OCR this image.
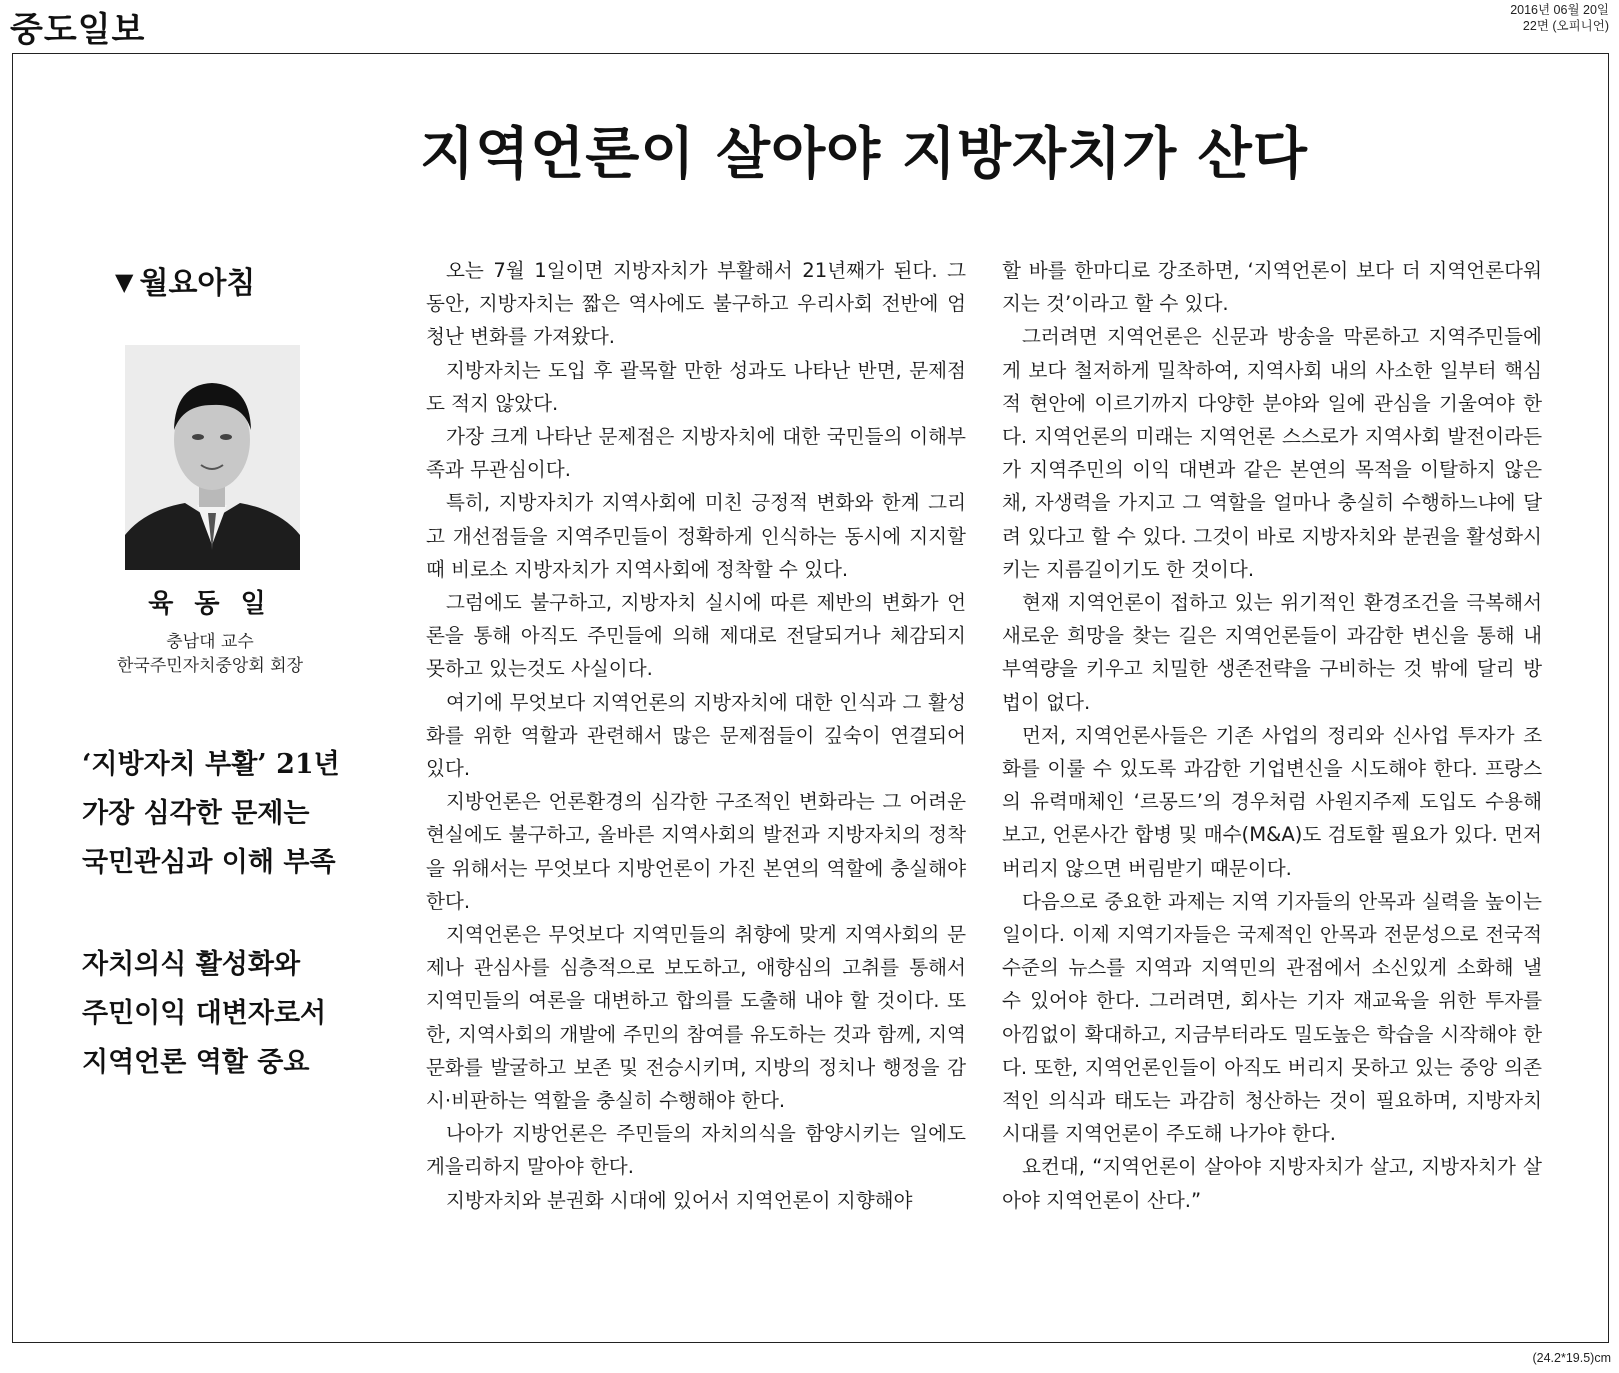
중도일보	2016년 06월 20일
22면 (오피니언)
지역언론이 살아야 지방자치가 산다
▼ 월요아침
육 동 일
충남대 교수
한국주민자치중앙회 회장
‘지방자치 부활’ 21년
가장 심각한 문제는
국민관심과 이해 부족
자치의식 활성화와
주민이익 대변자로서
지역언론 역할 중요

오는 7월 1일이면 지방자치가 부활해서 21년째가 된다. 그 동안, 지방자치는 짧은 역사에도 불구하고 우리사회 전반에 엄청난 변화를 가져왔다.

지방자치는 도입 후 괄목할 만한 성과도 나타난 반면, 문제점도 적지 않았다.

가장 크게 나타난 문제점은 지방자치에 대한 국민들의 이해부족과 무관심이다.

특히, 지방자치가 지역사회에 미친 긍정적 변화와 한계 그리고 개선점들을 지역주민들이 정확하게 인식하는 동시에 지지할 때 비로소 지방자치가 지역사회에 정착할 수 있다.

그럼에도 불구하고, 지방자치 실시에 따른 제반의 변화가 언론을 통해 아직도 주민들에 의해 제대로 전달되거나 체감되지 못하고 있는것도 사실이다.

여기에 무엇보다 지역언론의 지방자치에 대한 인식과 그 활성화를 위한 역할과 관련해서 많은 문제점들이 깊숙이 연결되어 있다.

지방언론은 언론환경의 심각한 구조적인 변화라는 그 어려운 현실에도 불구하고, 올바른 지역사회의 발전과 지방자치의 정착을 위해서는 무엇보다 지방언론이 가진 본연의 역할에 충실해야 한다.

지역언론은 무엇보다 지역민들의 취향에 맞게 지역사회의 문제나 관심사를 심층적으로 보도하고, 애향심의 고취를 통해서 지역민들의 여론을 대변하고 합의를 도출해 내야 할 것이다. 또한, 지역사회의 개발에 주민의 참여를 유도하는 것과 함께, 지역문화를 발굴하고 보존 및 전승시키며, 지방의 정치나 행정을 감시·비판하는 역할을 충실히 수행해야 한다.

나아가 지방언론은 주민들의 자치의식을 함양시키는 일에도 게을리하지 말아야 한다.

지방자치와 분권화 시대에 있어서 지역언론이 지향해야

할 바를 한마디로 강조하면, ‘지역언론이 보다 더 지역언론다워지는 것’이라고 할 수 있다.

그러려면 지역언론은 신문과 방송을 막론하고 지역주민들에게 보다 철저하게 밀착하여, 지역사회 내의 사소한 일부터 핵심적 현안에 이르기까지 다양한 분야와 일에 관심을 기울여야 한다. 지역언론의 미래는 지역언론 스스로가 지역사회 발전이라든가 지역주민의 이익 대변과 같은 본연의 목적을 이탈하지 않은 채, 자생력을 가지고 그 역할을 얼마나 충실히 수행하느냐에 달려 있다고 할 수 있다. 그것이 바로 지방자치와 분권을 활성화시키는 지름길이기도 한 것이다.

현재 지역언론이 접하고 있는 위기적인 환경조건을 극복해서 새로운 희망을 찾는 길은 지역언론들이 과감한 변신을 통해 내부역량을 키우고 치밀한 생존전략을 구비하는 것 밖에 달리 방법이 없다.

먼저, 지역언론사들은 기존 사업의 정리와 신사업 투자가 조화를 이룰 수 있도록 과감한 기업변신을 시도해야 한다. 프랑스의 유력매체인 ‘르몽드’의 경우처럼 사원지주제 도입도 수용해 보고, 언론사간 합병 및 매수(M&A)도 검토할 필요가 있다. 먼저 버리지 않으면 버림받기 때문이다.

다음으로 중요한 과제는 지역 기자들의 안목과 실력을 높이는 일이다. 이제 지역기자들은 국제적인 안목과 전문성으로 전국적 수준의 뉴스를 지역과 지역민의 관점에서 소신있게 소화해 낼 수 있어야 한다. 그러려면, 회사는 기자 재교육을 위한 투자를 아낌없이 확대하고, 지금부터라도 밀도높은 학습을 시작해야 한다. 또한, 지역언론인들이 아직도 버리지 못하고 있는 중앙 의존적인 의식과 태도는 과감히 청산하는 것이 필요하며, 지방자치시대를 지역언론이 주도해 나가야 한다.

요컨대, “지역언론이 살아야 지방자치가 살고, 지방자치가 살아야 지역언론이 산다.”

(24.2*19.5)cm
